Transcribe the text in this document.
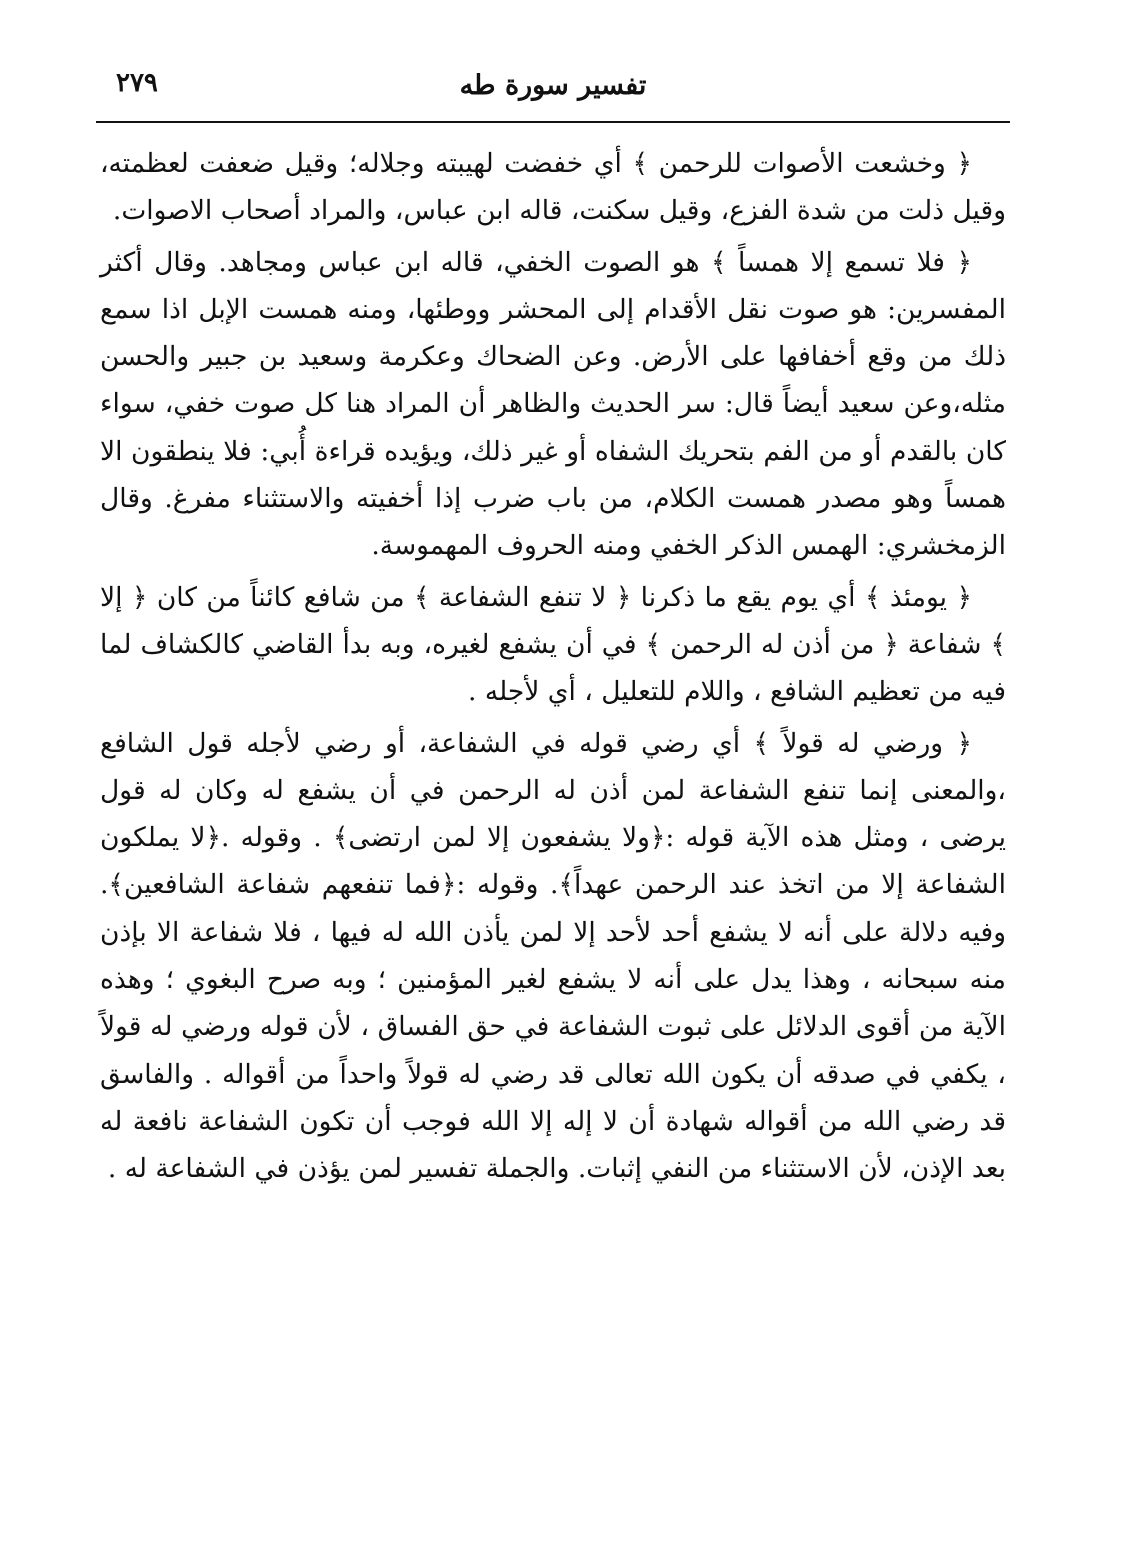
تفسير سورة طه
٢٧٩

﴿ وخشعت الأصوات للرحمن ﴾ أي خفضت لهيبته وجلاله؛ وقيل ضعفت لعظمته، وقيل ذلت من شدة الفزع، وقيل سكنت، قاله ابن عباس، والمراد أصحاب الاصوات.

﴿ فلا تسمع إلا همساً ﴾ هو الصوت الخفي، قاله ابن عباس ومجاهد. وقال أكثر المفسرين: هو صوت نقل الأقدام إلى المحشر ووطئها، ومنه همست الإبل اذا سمع ذلك من وقع أخفافها على الأرض. وعن الضحاك وعكرمة وسعيد بن جبير والحسن مثله،وعن سعيد أيضاً قال: سر الحديث والظاهر أن المراد هنا كل صوت خفي، سواء كان بالقدم أو من الفم بتحريك الشفاه أو غير ذلك، ويؤيده قراءة أُبي: فلا ينطقون الا همساً وهو مصدر همست الكلام، من باب ضرب إذا أخفيته والاستثناء مفرغ. وقال الزمخشري: الهمس الذكر الخفي ومنه الحروف المهموسة.

﴿ يومئذ ﴾ أي يوم يقع ما ذكرنا ﴿ لا تنفع الشفاعة ﴾ من شافع كائناً من كان ﴿ إلا ﴾ شفاعة ﴿ من أذن له الرحمن ﴾ في أن يشفع لغيره، وبه بدأ القاضي كالكشاف لما فيه من تعظيم الشافع ، واللام للتعليل ، أي لأجله .

﴿ ورضي له قولاً ﴾ أي رضي قوله في الشفاعة، أو رضي لأجله قول الشافع ،والمعنى إنما تنفع الشفاعة لمن أذن له الرحمن في أن يشفع له وكان له قول يرضى ، ومثل هذه الآية قوله :﴿ولا يشفعون إلا لمن ارتضى﴾ . وقوله .﴿لا يملكون الشفاعة إلا من اتخذ عند الرحمن عهداً﴾. وقوله :﴿فما تنفعهم شفاعة الشافعين﴾. وفيه دلالة على أنه لا يشفع أحد لأحد إلا لمن يأذن الله له فيها ، فلا شفاعة الا بإذن منه سبحانه ، وهذا يدل على أنه لا يشفع لغير المؤمنين ؛ وبه صرح البغوي ؛ وهذه الآية من أقوى الدلائل على ثبوت الشفاعة في حق الفساق ، لأن قوله ورضي له قولاً ، يكفي في صدقه أن يكون الله تعالى قد رضي له قولاً واحداً من أقواله . والفاسق قد رضي الله من أقواله شهادة أن لا إله إلا الله فوجب أن تكون الشفاعة نافعة له بعد الإذن، لأن الاستثناء من النفي إثبات. والجملة تفسير لمن يؤذن في الشفاعة له .
